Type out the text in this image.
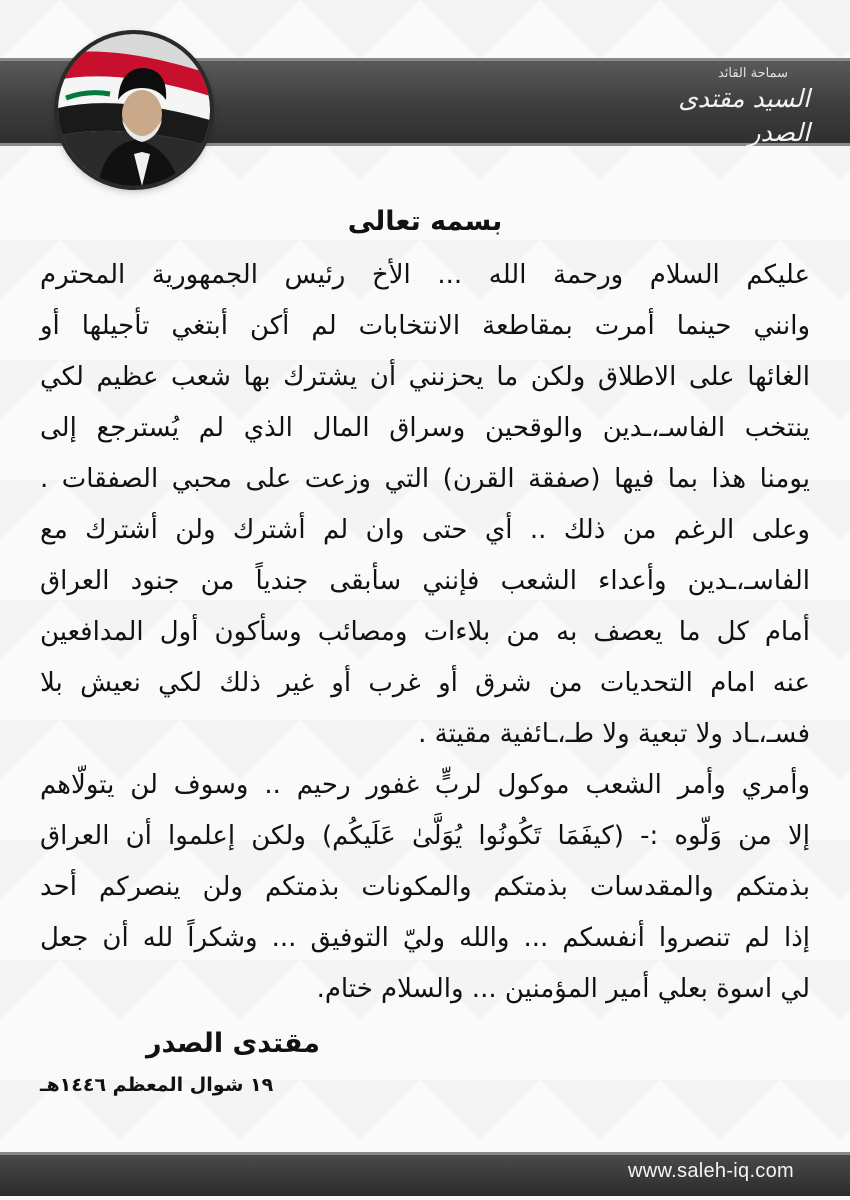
سماحة القائد
السيد مقتدى الصدر
بسمه تعالى
عليكم السلام ورحمة الله ... الأخ رئيس الجمهورية المحترم
وانني حينما أمرت بمقاطعة الانتخابات لم أكن أبتغي تأجيلها أو
الغائها على الاطلاق ولكن ما يحزنني أن يشترك بها شعب عظيم لكي
ينتخب الفاسـ،ـدين والوقحين وسراق المال الذي لم يُسترجع إلى
يومنا هذا بما فيها (صفقة القرن) التي وزعت على محبي الصفقات .
وعلى الرغم من ذلك .. أي حتى وان لم أشترك ولن أشترك مع
الفاسـ،ـدين وأعداء الشعب فإنني سأبقى جندياً من جنود العراق
أمام كل ما يعصف به من بلاءات ومصائب وسأكون أول المدافعين
عنه امام التحديات من شرق أو غرب أو غير ذلك لكي نعيش بلا
فسـ،ـاد ولا تبعية ولا طـ،ـائفية مقيتة .
وأمري وأمر الشعب موكول لربٍّ غفور رحيم .. وسوف لن يتولّاهم
إلا من وَلّوه :- (كيفَمَا تَكُونُوا يُوَلَّىٰ عَلَيكُم) ولكن إعلموا أن العراق
بذمتكم والمقدسات بذمتكم والمكونات بذمتكم ولن ينصركم أحد
إذا لم تنصروا أنفسكم ... والله وليّ التوفيق ... وشكراً لله أن جعل
لي اسوة بعلي أمير المؤمنين ... والسلام ختام.
مقتدى الصدر
١٩ شوال المعظم ١٤٤٦هـ
www.saleh-iq.com
